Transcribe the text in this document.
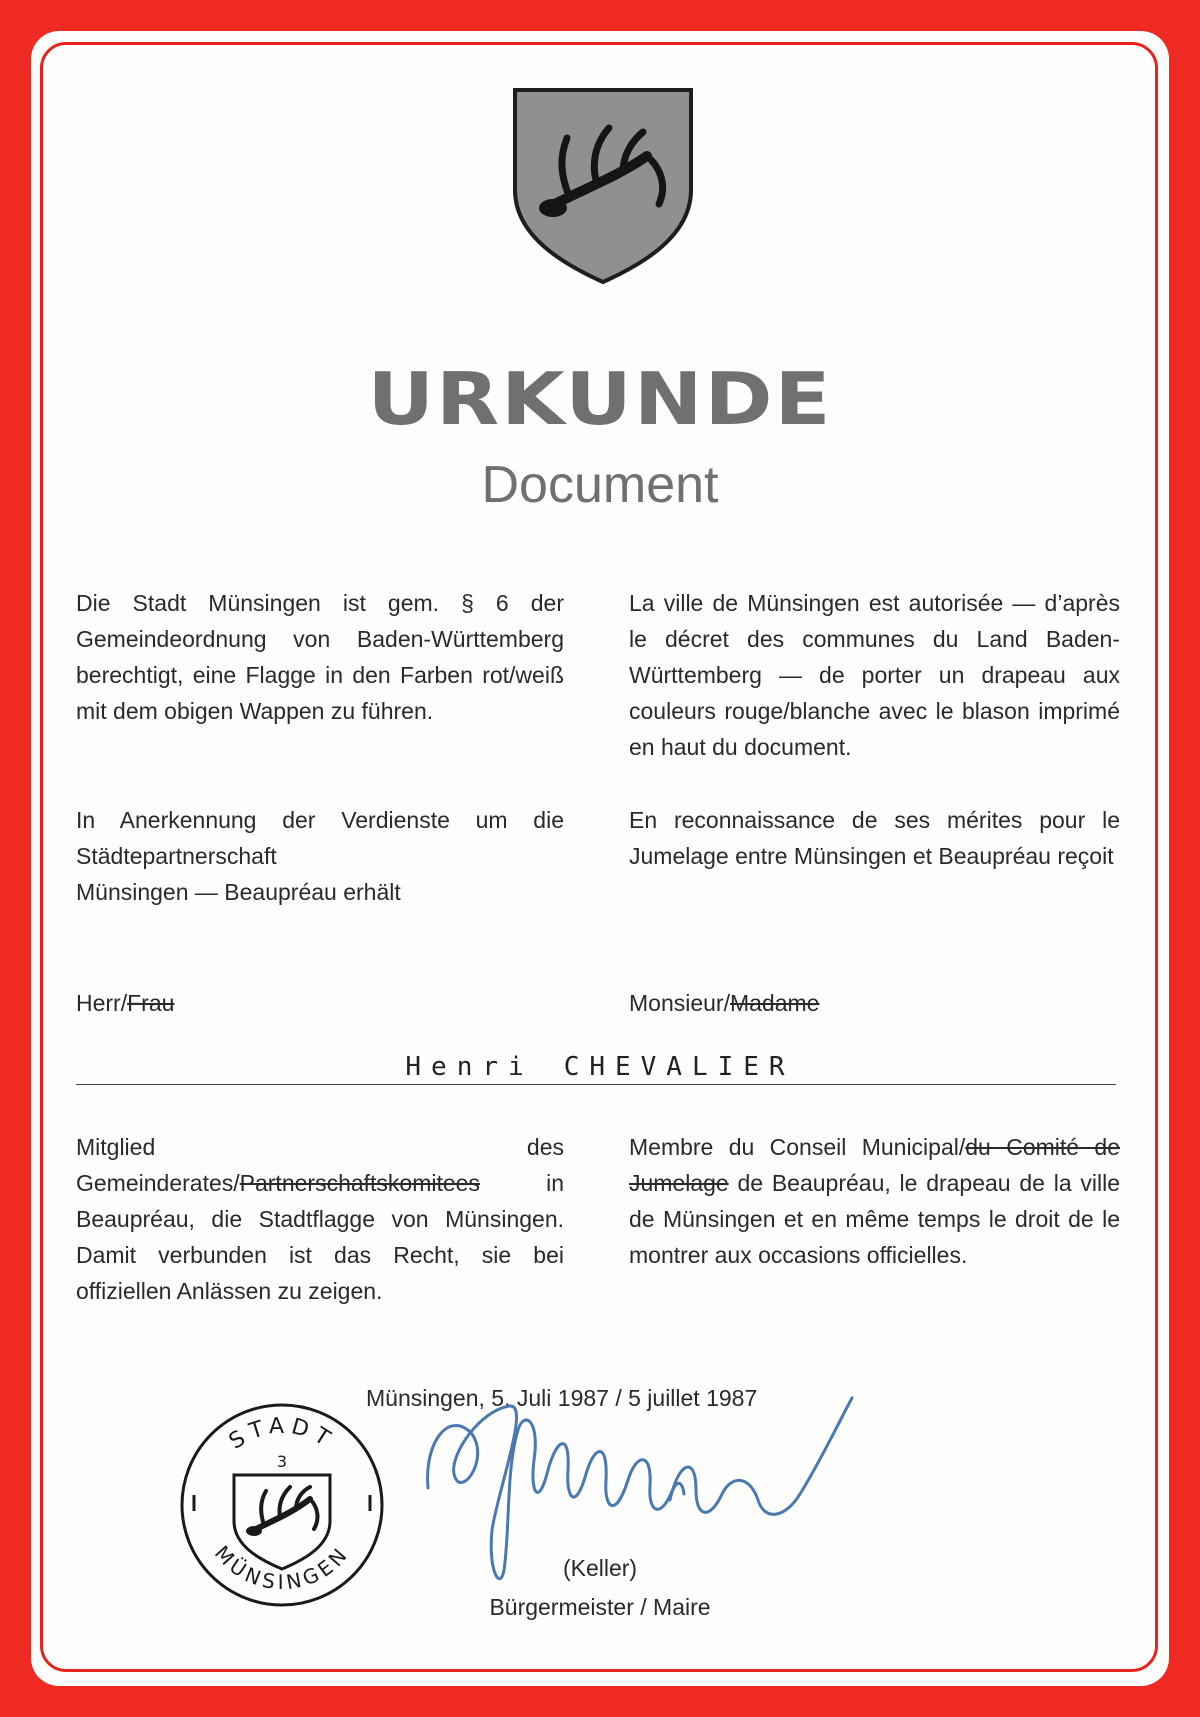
URKUNDE
Document
Die Stadt Münsingen ist gem. § 6 der Gemeindeordnung von Baden-Württemberg berechtigt, eine Flagge in den Farben rot/weiß mit dem obigen Wappen zu führen.
La ville de Münsingen est autorisée — d’après le décret des communes du Land Baden-Württemberg — de porter un drapeau aux couleurs rouge/blanche avec le blason imprimé en haut du document.
In Anerkennung der Verdienste um die
Städtepartnerschaft
Münsingen — Beaupréau erhält
En reconnaissance de ses mérites pour le Jumelage entre Münsingen et Beaupréau reçoit
Herr/Frau	Monsieur/Madame
Henri CHEVALIER
Mitglied des Gemeinderates/Partnerschaftskomitees in Beaupréau, die Stadtflagge von Münsingen. Damit verbunden ist das Recht, sie bei offiziellen Anlässen zu zeigen.
Membre du Conseil Municipal/du Comité de Jumelage de Beaupréau, le drapeau de la ville de Münsingen et en même temps le droit de le montrer aux occasions officielles.
Münsingen, 5. Juli 1987 / 5 juillet 1987
STADT
MÜNSINGEN
3
(Keller)
Bürgermeister / Maire
